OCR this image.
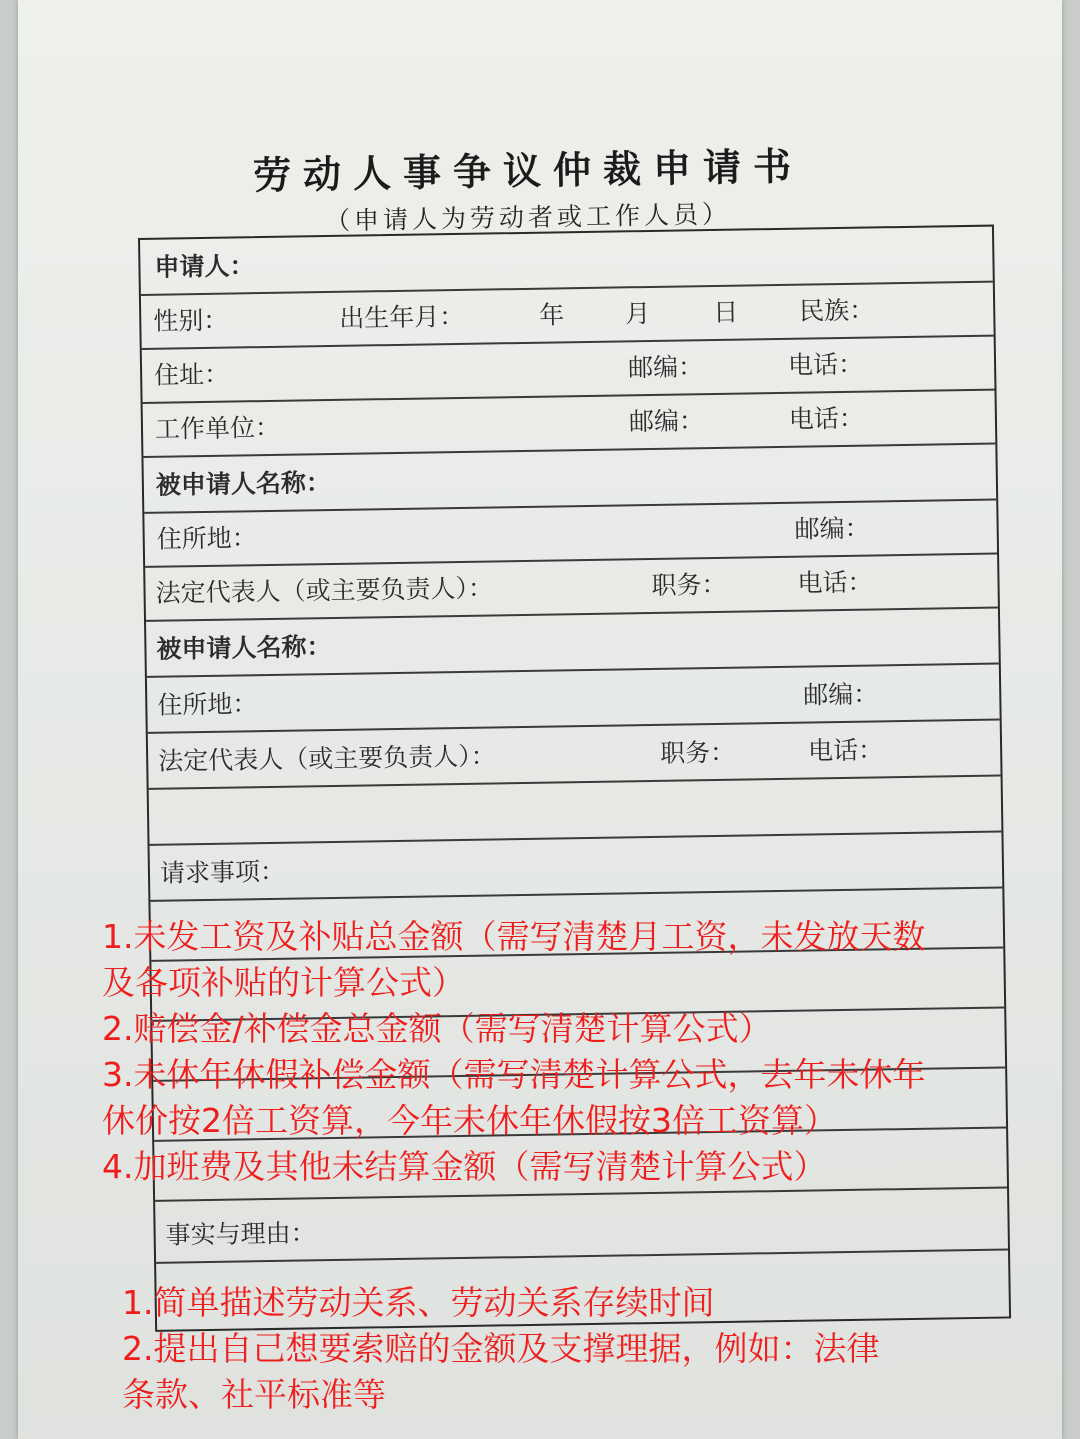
劳动人事争议仲裁申请书
（申请人为劳动者或工作人员）
申请人：
性别：	出生年月：	年 月	日 民族：
住址：	邮编：	电话：
工作单位：	邮编：	电话：
被申请人名称：
住所地：	邮编：
法定代表人（或主要负责人）：	职务：	电话：
被申请人名称：
住所地：	邮编：
法定代表人（或主要负责人）：	职务：	电话：
请求事项：
事实与理由：
1.未发工资及补贴总金额（需写清楚月工资，未发放天数
及各项补贴的计算公式）
2.赔偿金/补偿金总金额（需写清楚计算公式）
3.未休年休假补偿金额（需写清楚计算公式，去年未休年
休价按2倍工资算，今年未休年休假按3倍工资算）
4.加班费及其他未结算金额（需写清楚计算公式）
1.简单描述劳动关系、劳动关系存续时间
2.提出自己想要索赔的金额及支撑理据，例如：法律
条款、社平标准等
